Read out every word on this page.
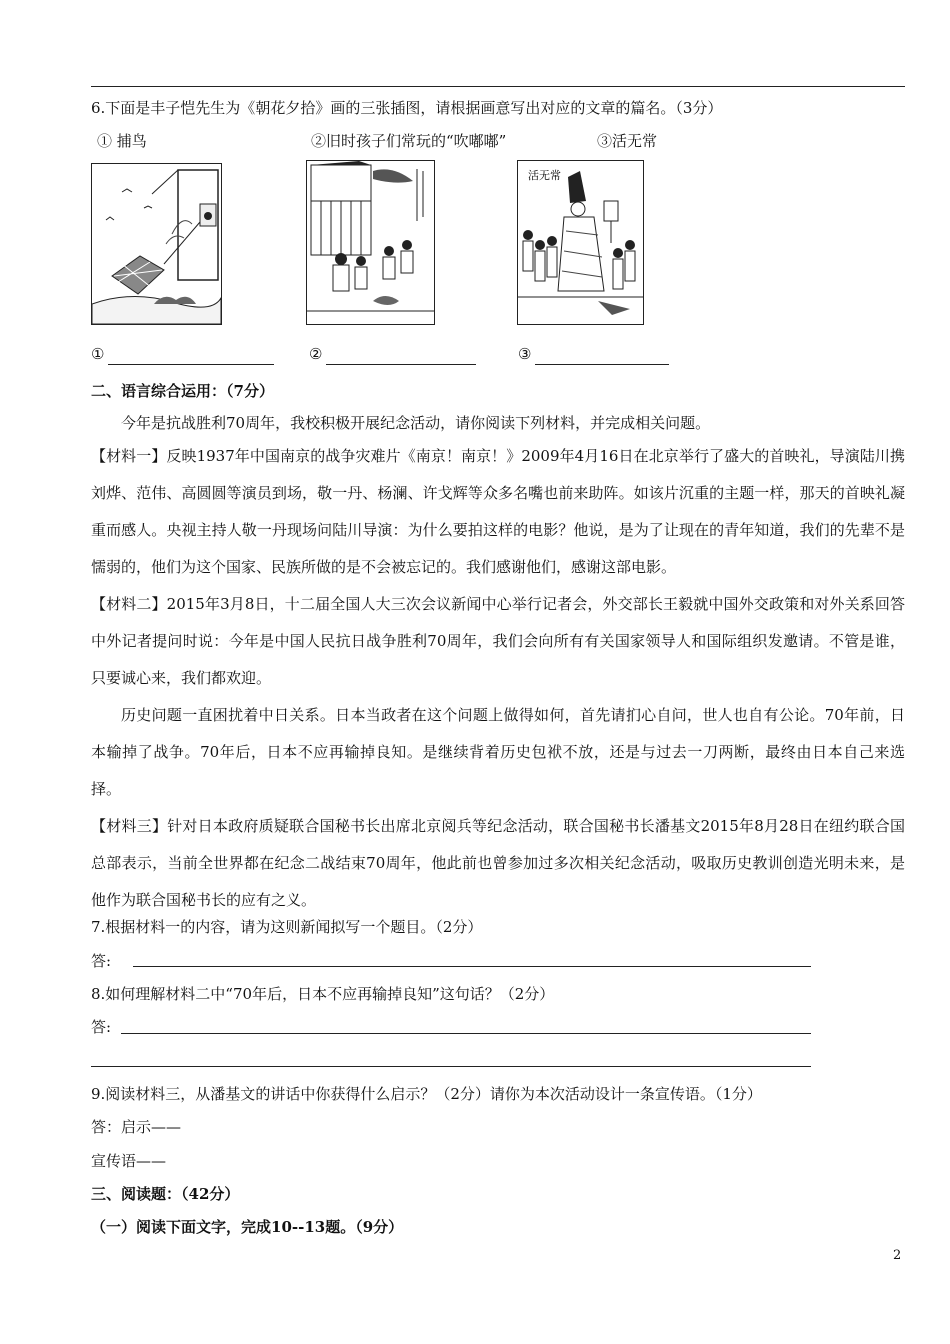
6.下面是丰子恺先生为《朝花夕拾》画的三张插图，请根据画意写出对应的文章的篇名。（3分）
① 捕鸟	②旧时孩子们常玩的“吹嘟嘟”	③活无常
活无常
①	②	③
二、语言综合运用：（7分）
今年是抗战胜利70周年，我校积极开展纪念活动，请你阅读下列材料，并完成相关问题。
【材料一】反映1937年中国南京的战争灾难片《南京！南京！》2009年4月16日在北京举行了盛大的首映礼，导演陆川携刘烨、范伟、高圆圆等演员到场，敬一丹、杨澜、许戈辉等众多名嘴也前来助阵。如该片沉重的主题一样，那天的首映礼凝重而感人。央视主持人敬一丹现场问陆川导演：为什么要拍这样的电影？他说，是为了让现在的青年知道，我们的先辈不是懦弱的，他们为这个国家、民族所做的是不会被忘记的。我们感谢他们，感谢这部电影。
【材料二】2015年3月8日，十二届全国人大三次会议新闻中心举行记者会，外交部长王毅就中国外交政策和对外关系回答中外记者提问时说：今年是中国人民抗日战争胜利70周年，我们会向所有有关国家领导人和国际组织发邀请。不管是谁，只要诚心来，我们都欢迎。
历史问题一直困扰着中日关系。日本当政者在这个问题上做得如何，首先请扪心自问，世人也自有公论。70年前，日本输掉了战争。70年后，日本不应再输掉良知。是继续背着历史包袱不放，还是与过去一刀两断，最终由日本自己来选择。
【材料三】针对日本政府质疑联合国秘书长出席北京阅兵等纪念活动，联合国秘书长潘基文2015年8月28日在纽约联合国总部表示，当前全世界都在纪念二战结束70周年，他此前也曾参加过多次相关纪念活动，吸取历史教训创造光明未来，是他作为联合国秘书长的应有之义。
7.根据材料一的内容，请为这则新闻拟写一个题目。（2分）
答:
8.如何理解材料二中“70年后，日本不应再输掉良知”这句话？（2分）
答:
9.阅读材料三，从潘基文的讲话中你获得什么启示？（2分）请你为本次活动设计一条宣传语。（1分）
答：启示——
宣传语——
三、阅读题：（42分）
（一）阅读下面文字，完成10--13题。（9分）
2
